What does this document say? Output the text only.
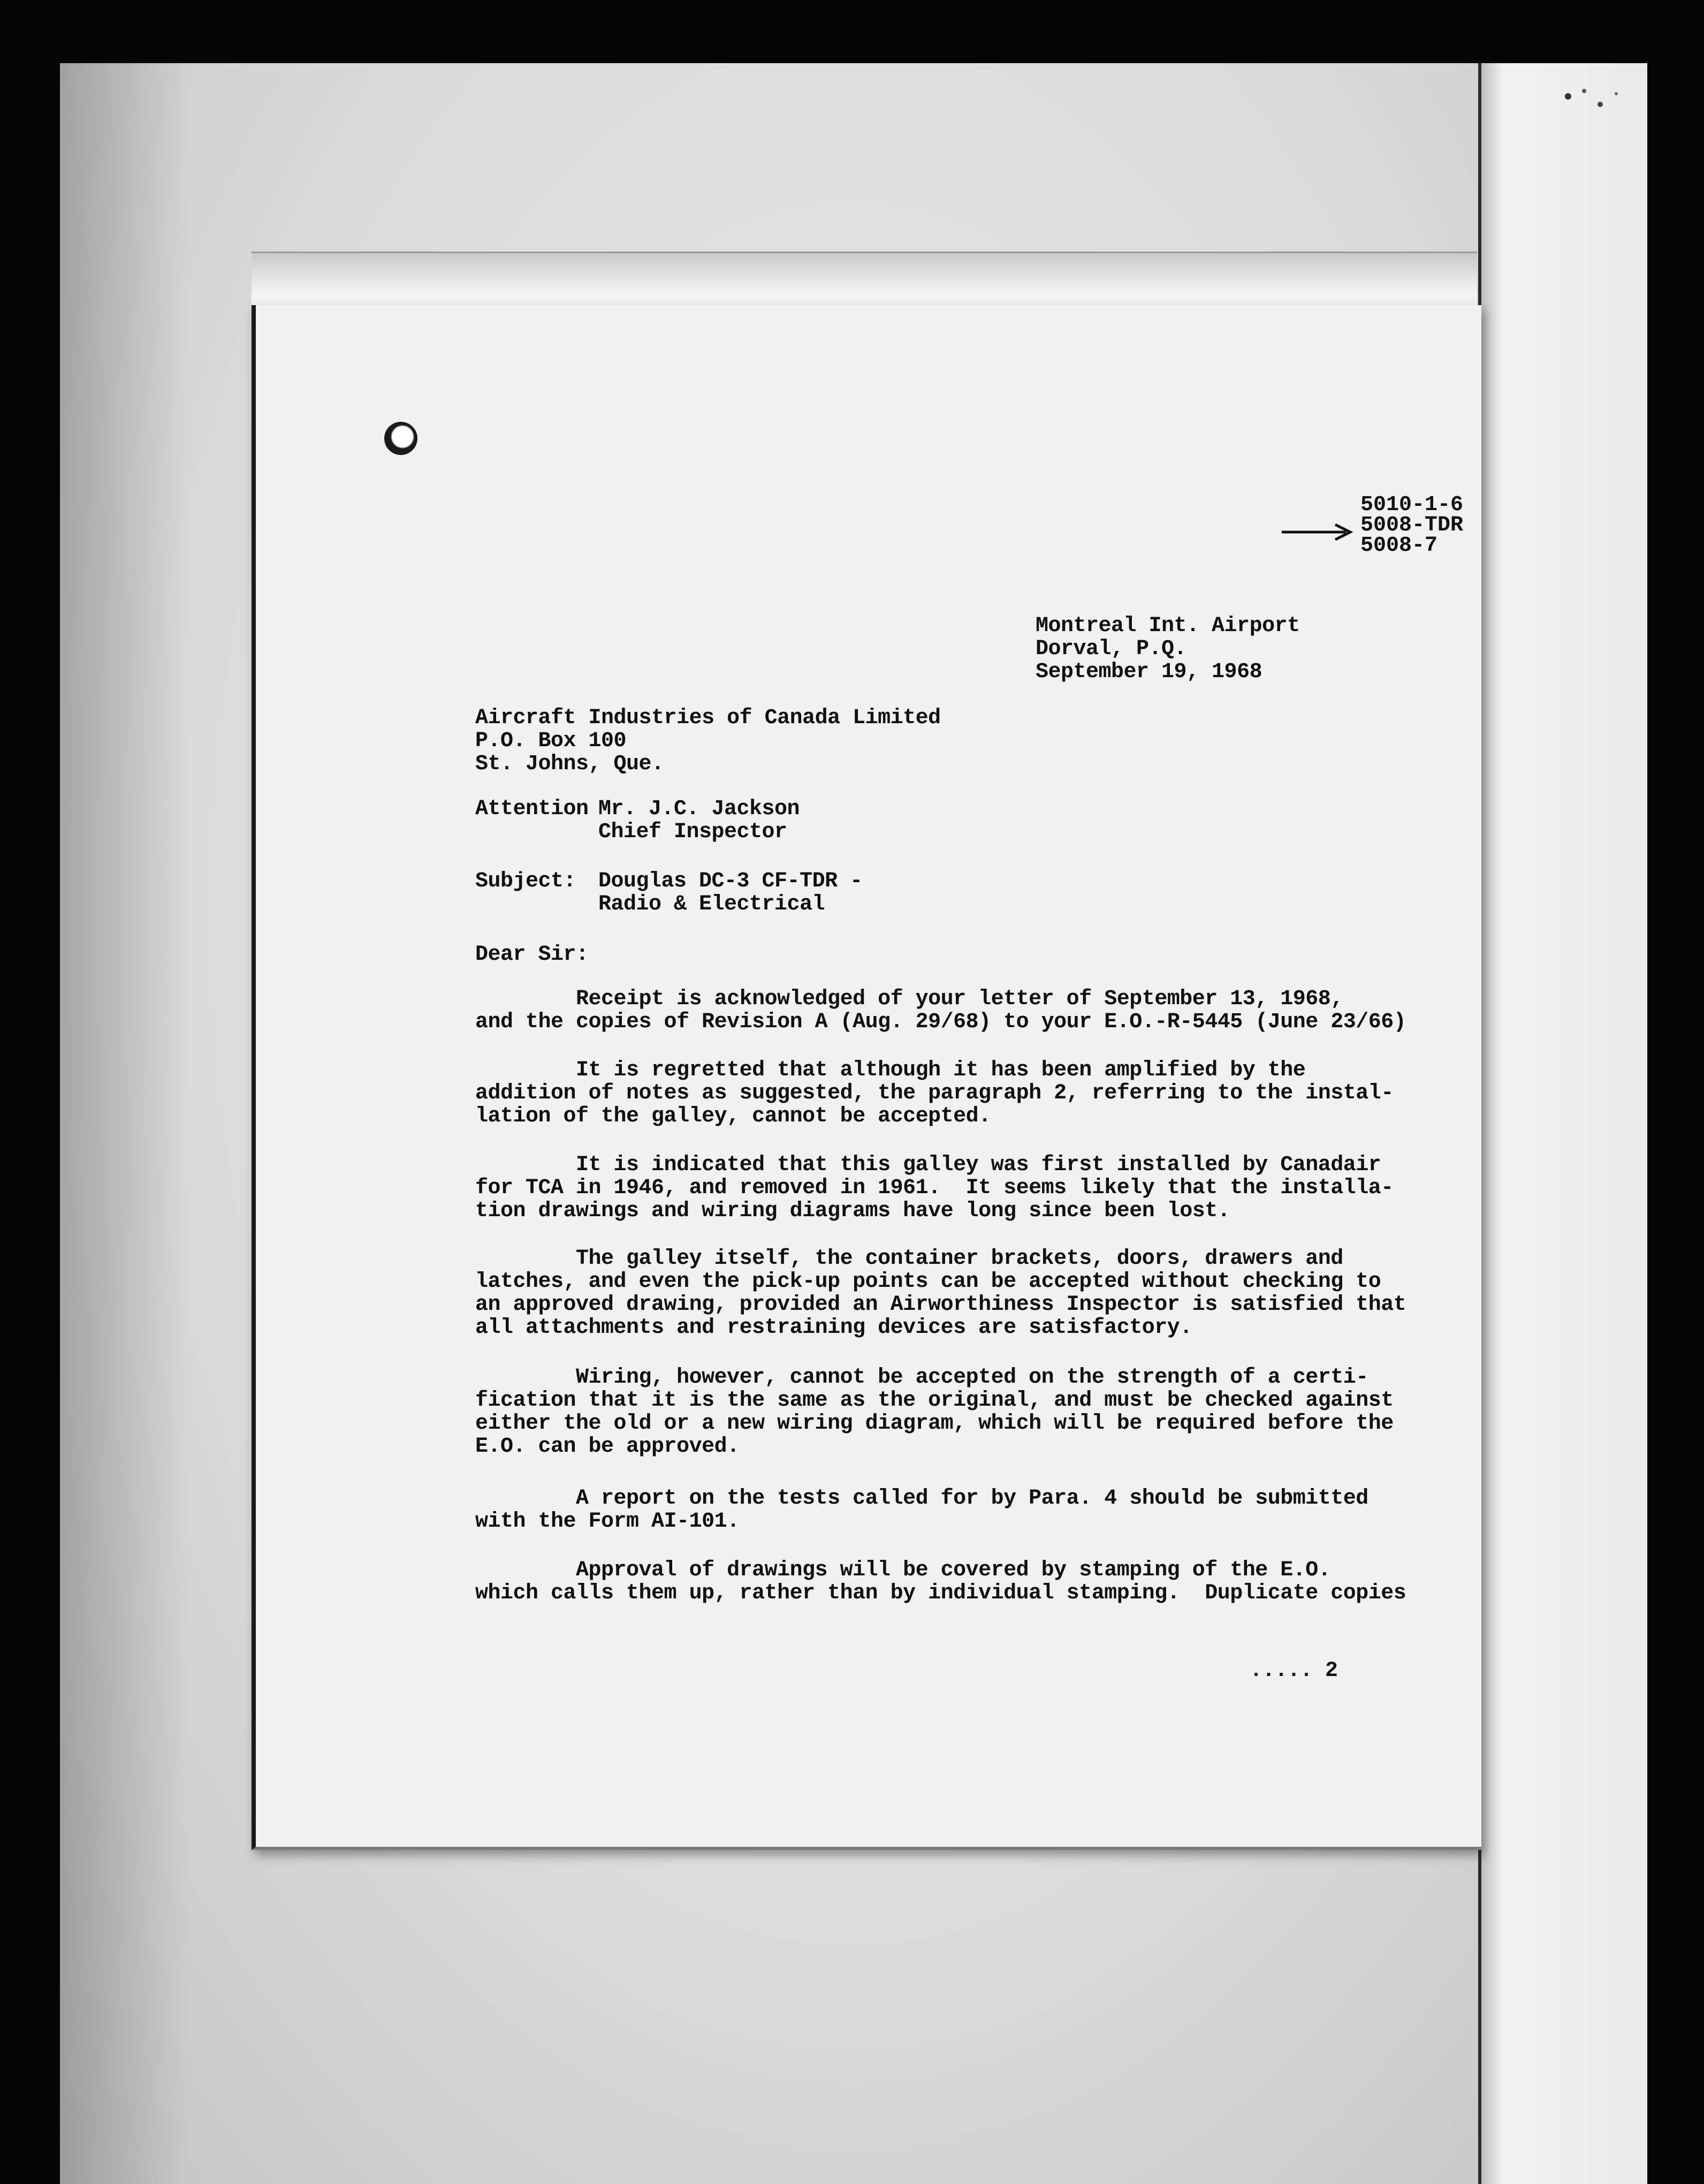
5010-1-6
5008-TDR
5008-7
Montreal Int. Airport
Dorval, P.Q.
September 19, 1968
Aircraft Industries of Canada Limited
P.O. Box 100
St. Johns, Que.
Attention Mr. J.C. Jackson
Chief Inspector
Subject: Douglas DC-3 CF-TDR -
Radio & Electrical
Dear Sir:
Receipt is acknowledged of your letter of September 13, 1968,
and the copies of Revision A (Aug. 29/68) to your E.O.-R-5445 (June 23/66)
It is regretted that although it has been amplified by the
addition of notes as suggested, the paragraph 2, referring to the instal-
lation of the galley, cannot be accepted.
It is indicated that this galley was first installed by Canadair
for TCA in 1946, and removed in 1961.  It seems likely that the installa-
tion drawings and wiring diagrams have long since been lost.
The galley itself, the container brackets, doors, drawers and
latches, and even the pick-up points can be accepted without checking to
an approved drawing, provided an Airworthiness Inspector is satisfied that
all attachments and restraining devices are satisfactory.
Wiring, however, cannot be accepted on the strength of a certi-
fication that it is the same as the original, and must be checked against
either the old or a new wiring diagram, which will be required before the
E.O. can be approved.
A report on the tests called for by Para. 4 should be submitted
with the Form AI-101.
Approval of drawings will be covered by stamping of the E.O.
which calls them up, rather than by individual stamping.  Duplicate copies
..... 2
